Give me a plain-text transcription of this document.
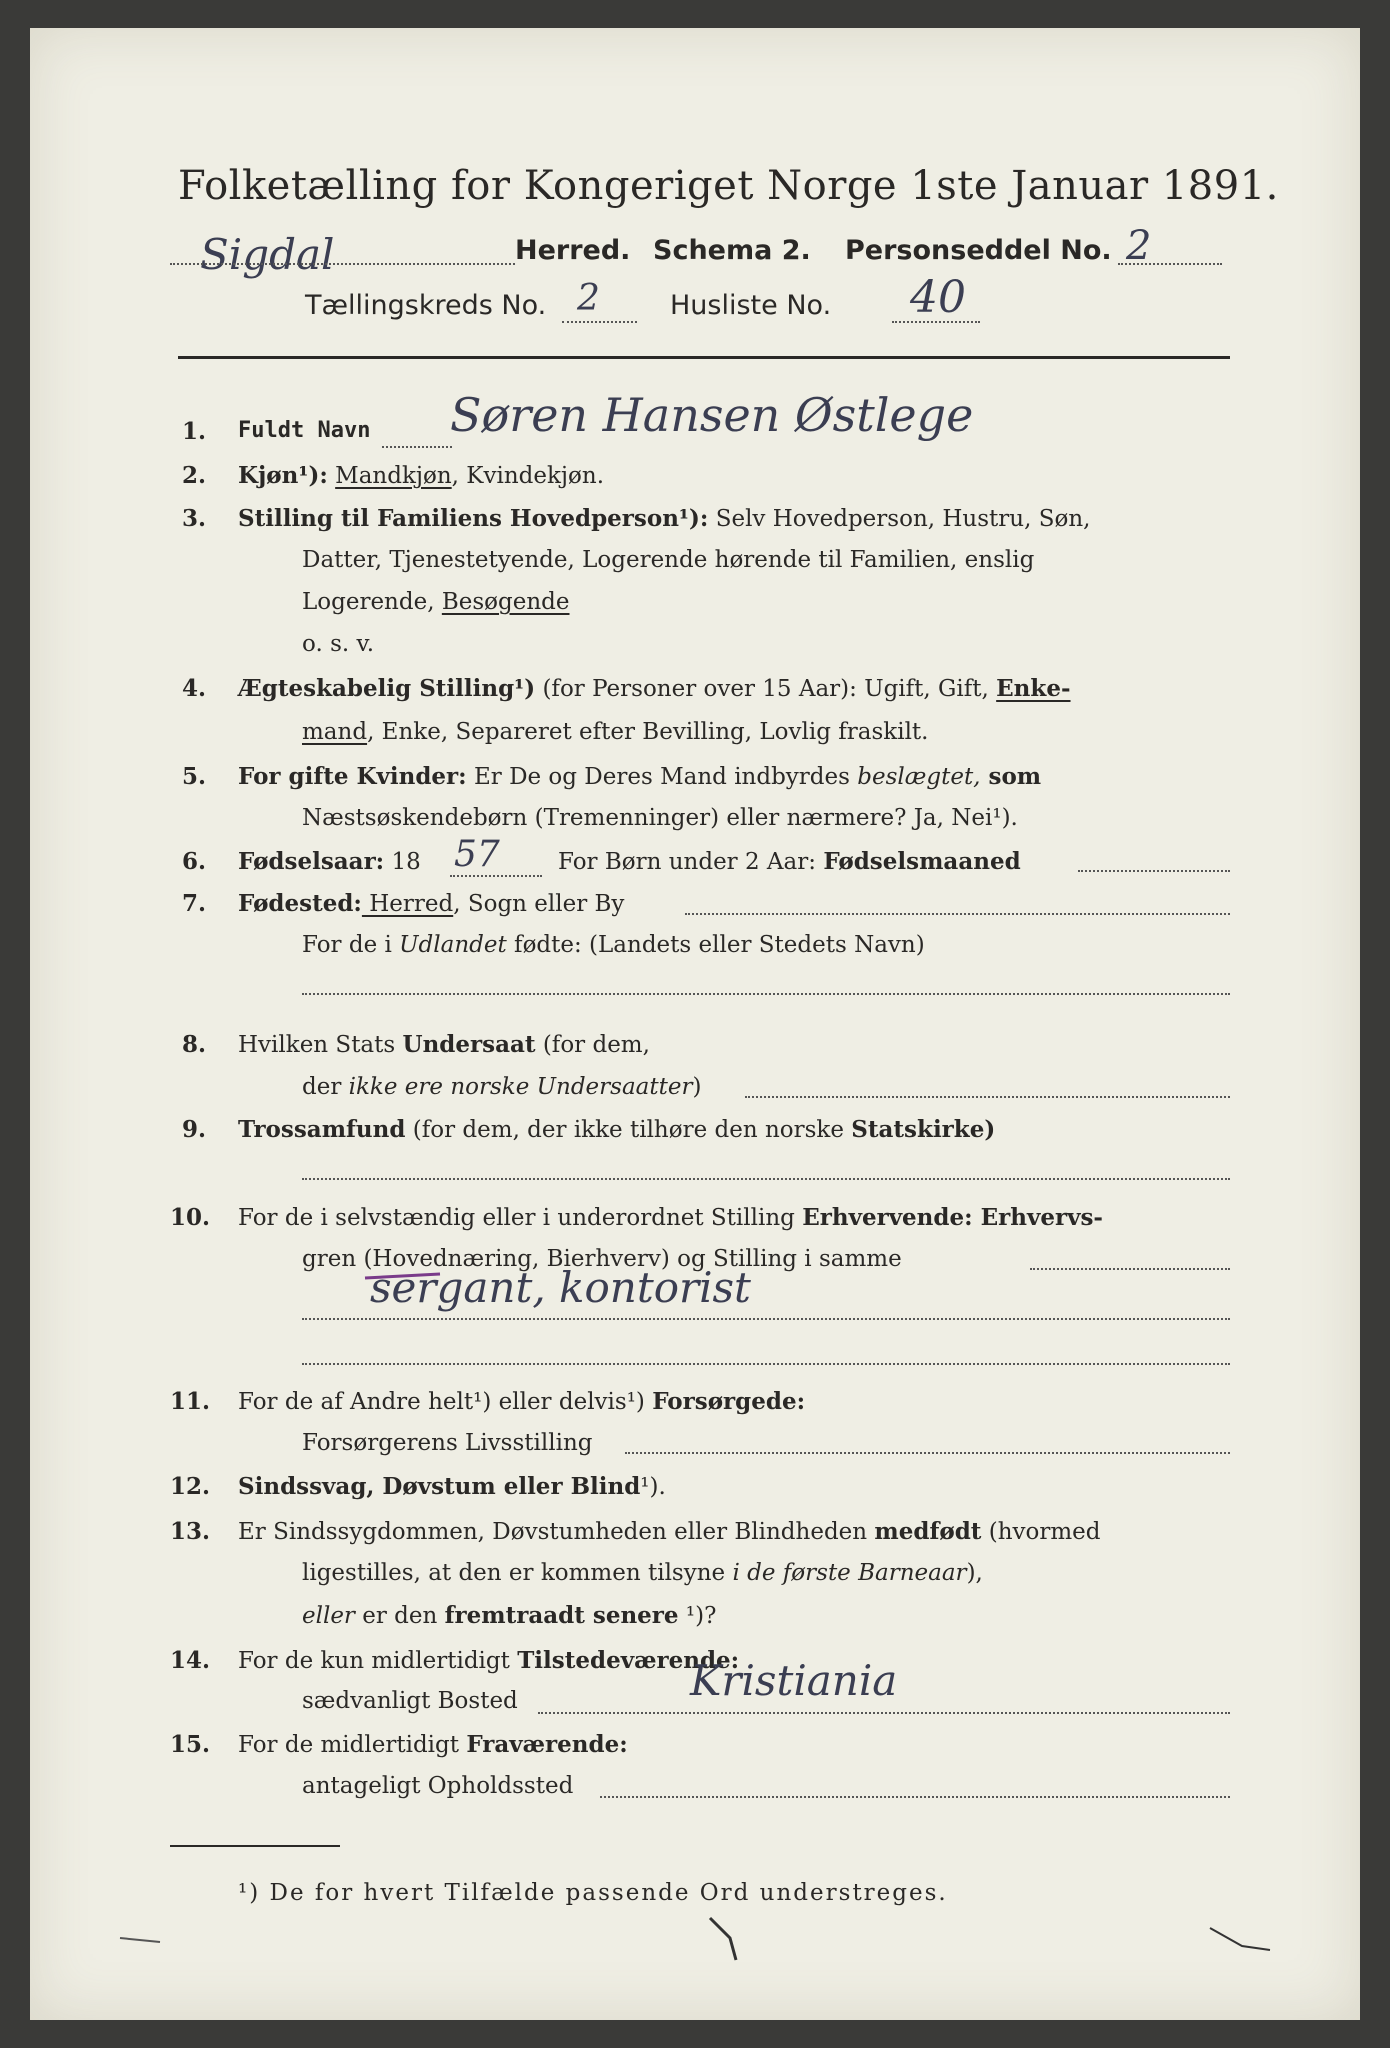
Folketælling for Kongeriget Norge 1ste Januar 1891.
Sigdal	Herred. Schema 2. Personseddel No. 2
Tællingskreds No. 2	Husliste No. 40
1. Fuldt Navn Søren Hansen Østlege
2. Kjøn¹): Mandkjøn, Kvindekjøn.
3. Stilling til Familiens Hovedperson¹): Selv Hovedperson, Hustru, Søn,
Datter, Tjenestetyende, Logerende hørende til Familien, enslig
Logerende, Besøgende
o. s. v.
4. Ægteskabelig Stilling¹) (for Personer over 15 Aar): Ugift, Gift, Enke-
mand, Enke, Separeret efter Bevilling, Lovlig fraskilt.
5. For gifte Kvinder: Er De og Deres Mand indbyrdes beslægtet, som
Næstsøskendebørn (Tremenninger) eller nærmere? Ja, Nei¹).
6. Fødselsaar: 18 57	For Børn under 2 Aar: Fødselsmaaned
7. Fødested: Herred, Sogn eller By
For de i Udlandet fødte: (Landets eller Stedets Navn)
8. Hvilken Stats Undersaat (for dem,
der ikke ere norske Undersaatter)
9. Trossamfund (for dem, der ikke tilhøre den norske Statskirke)
10. For de i selvstændig eller i underordnet Stilling Erhvervende: Erhvervs-
gren (Hovednæring, Bierhverv) og Stilling i samme
sergant, kontorist
11. For de af Andre helt¹) eller delvis¹) Forsørgede:
Forsørgerens Livsstilling
12. Sindssvag, Døvstum eller Blind¹).
13. Er Sindssygdommen, Døvstumheden eller Blindheden medfødt (hvormed
ligestilles, at den er kommen tilsyne i de første Barneaar),
eller er den fremtraadt senere ¹)?
14. For de kun midlertidigt Tilstedeværende:
sædvanligt Bosted	Kristiania
15. For de midlertidigt Fraværende:
antageligt Opholdssted
¹) De for hvert Tilfælde passende Ord understreges.
